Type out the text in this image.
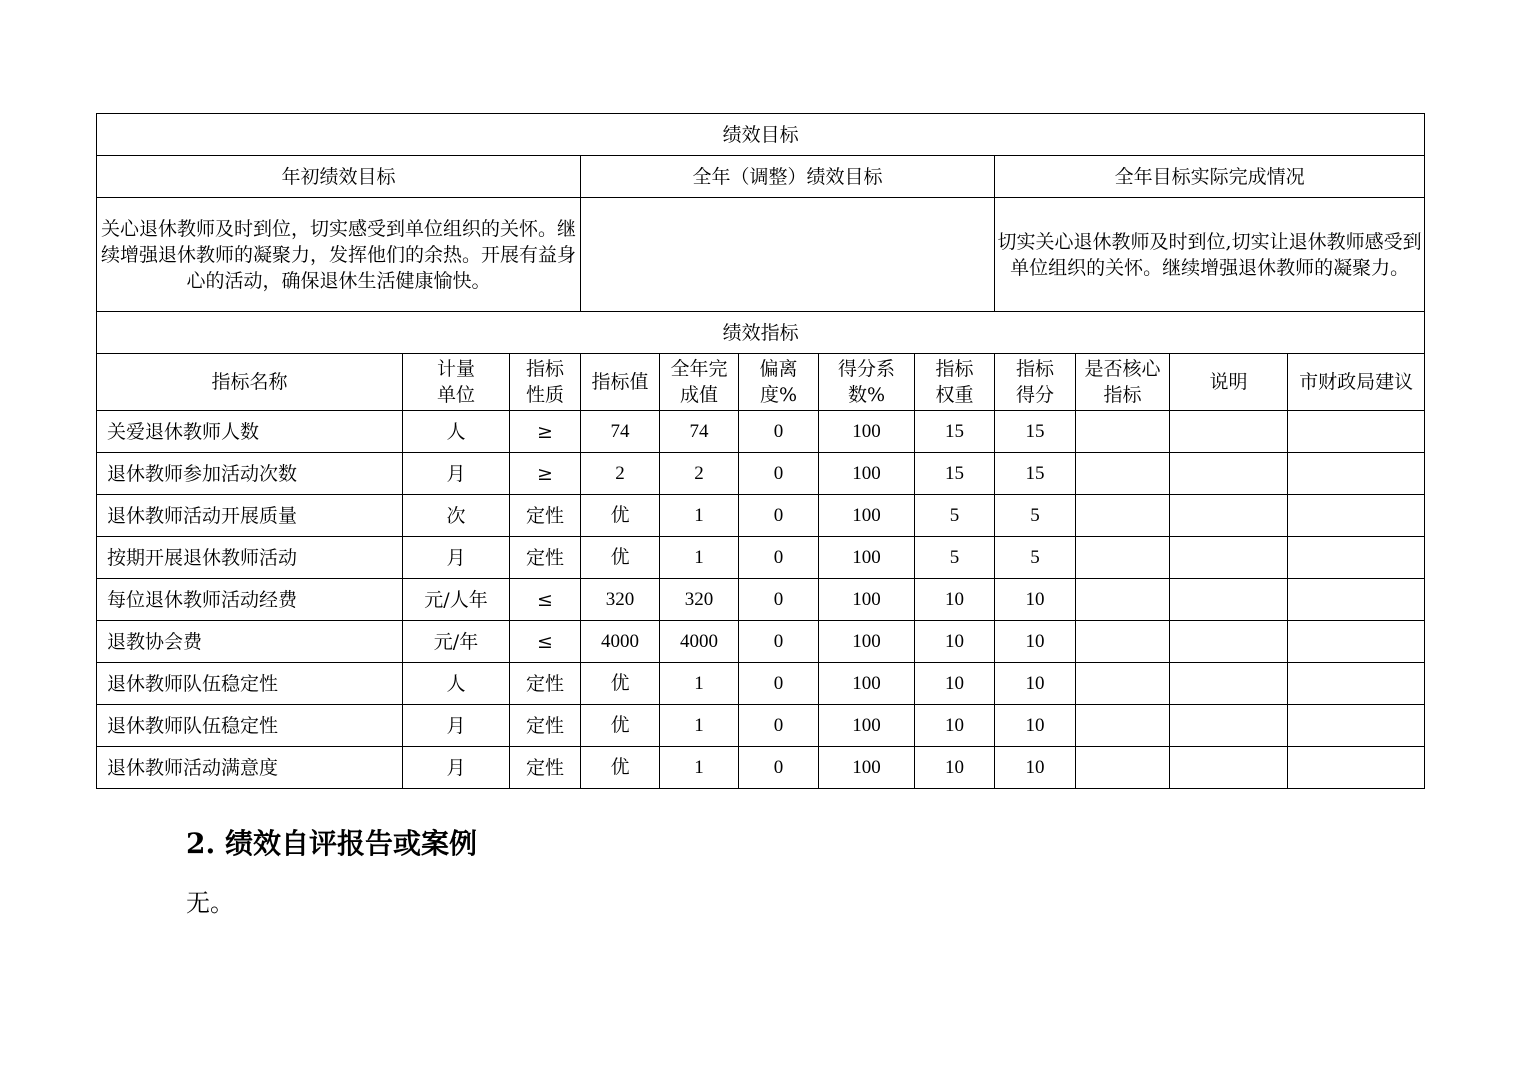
绩效目标											
年初绩效目标			全年（调整）绩效目标					全年目标实际完成情况			
关心退休教师及时到位，切实感受到单位组织的关怀。继续增强退休教师的凝聚力，发挥他们的余热。开展有益身心的活动，确保退休生活健康愉快。								切实关心退休教师及时到位,切实让退休教师感受到单位组织的关怀。继续增强退休教师的凝聚力。			
绩效指标											
指标名称	计量单位	指标性质	指标值	全年完成值	偏离度%	得分系数%	指标权重	指标得分	是否核心指标	说明	市财政局建议
关爱退休教师人数	人	≥	74	74	0	100	15	15			
退休教师参加活动次数	月	≥	2	2	0	100	15	15			
退休教师活动开展质量	次	定性	优	1	0	100	5	5			
按期开展退休教师活动	月	定性	优	1	0	100	5	5			
每位退休教师活动经费	元/人年	≤	320	320	0	100	10	10			
退教协会费	元/年	≤	4000	4000	0	100	10	10			
退休教师队伍稳定性	人	定性	优	1	0	100	10	10			
退休教师队伍稳定性	月	定性	优	1	0	100	10	10			
退休教师活动满意度	月	定性	优	1	0	100	10	10			
2. 绩效自评报告或案例
无。
